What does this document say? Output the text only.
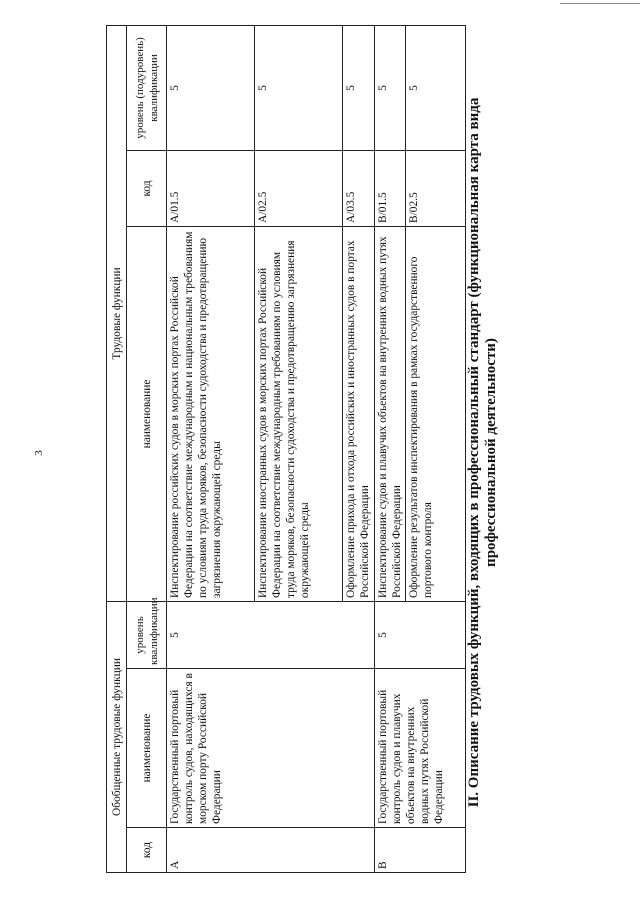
3	II. Описание трудовых функций, входящих в профессиональный стандарт (функциональная карта вида профессиональной деятельности)
Обобщенные трудовые функции			Трудовые функции		
код	наименование	уровень квалификации	наименование	код	уровень (подуровень) квалификации
А	Государственный портовый контроль судов, находящихся в морском порту Российской Федерации	5	Инспектирование российских судов в морских портах Российской Федерации на соответствие международным и национальным требованиям по условиям труда моряков, безопасности судоходства и предотвращению загрязнения окружающей среды	А/01.5	5
			Инспектирование иностранных судов в морских портах Российской Федерации на соответствие международным требованиям по условиям труда моряков, безопасности судоходства и предотвращению загрязнения окружающей среды	А/02.5	5
			Оформление прихода и отхода российских и иностранных судов в портах Российской Федерации	А/03.5	5
В	Государственный портовый контроль судов и плавучих объектов на внутренних водных путях Российской Федерации	5	Инспектирование судов и плавучих объектов на внутренних водных путях Российской Федерации	В/01.5	5
			Оформление результатов инспектирования в рамках государственного портового контроля	В/02.5	5
